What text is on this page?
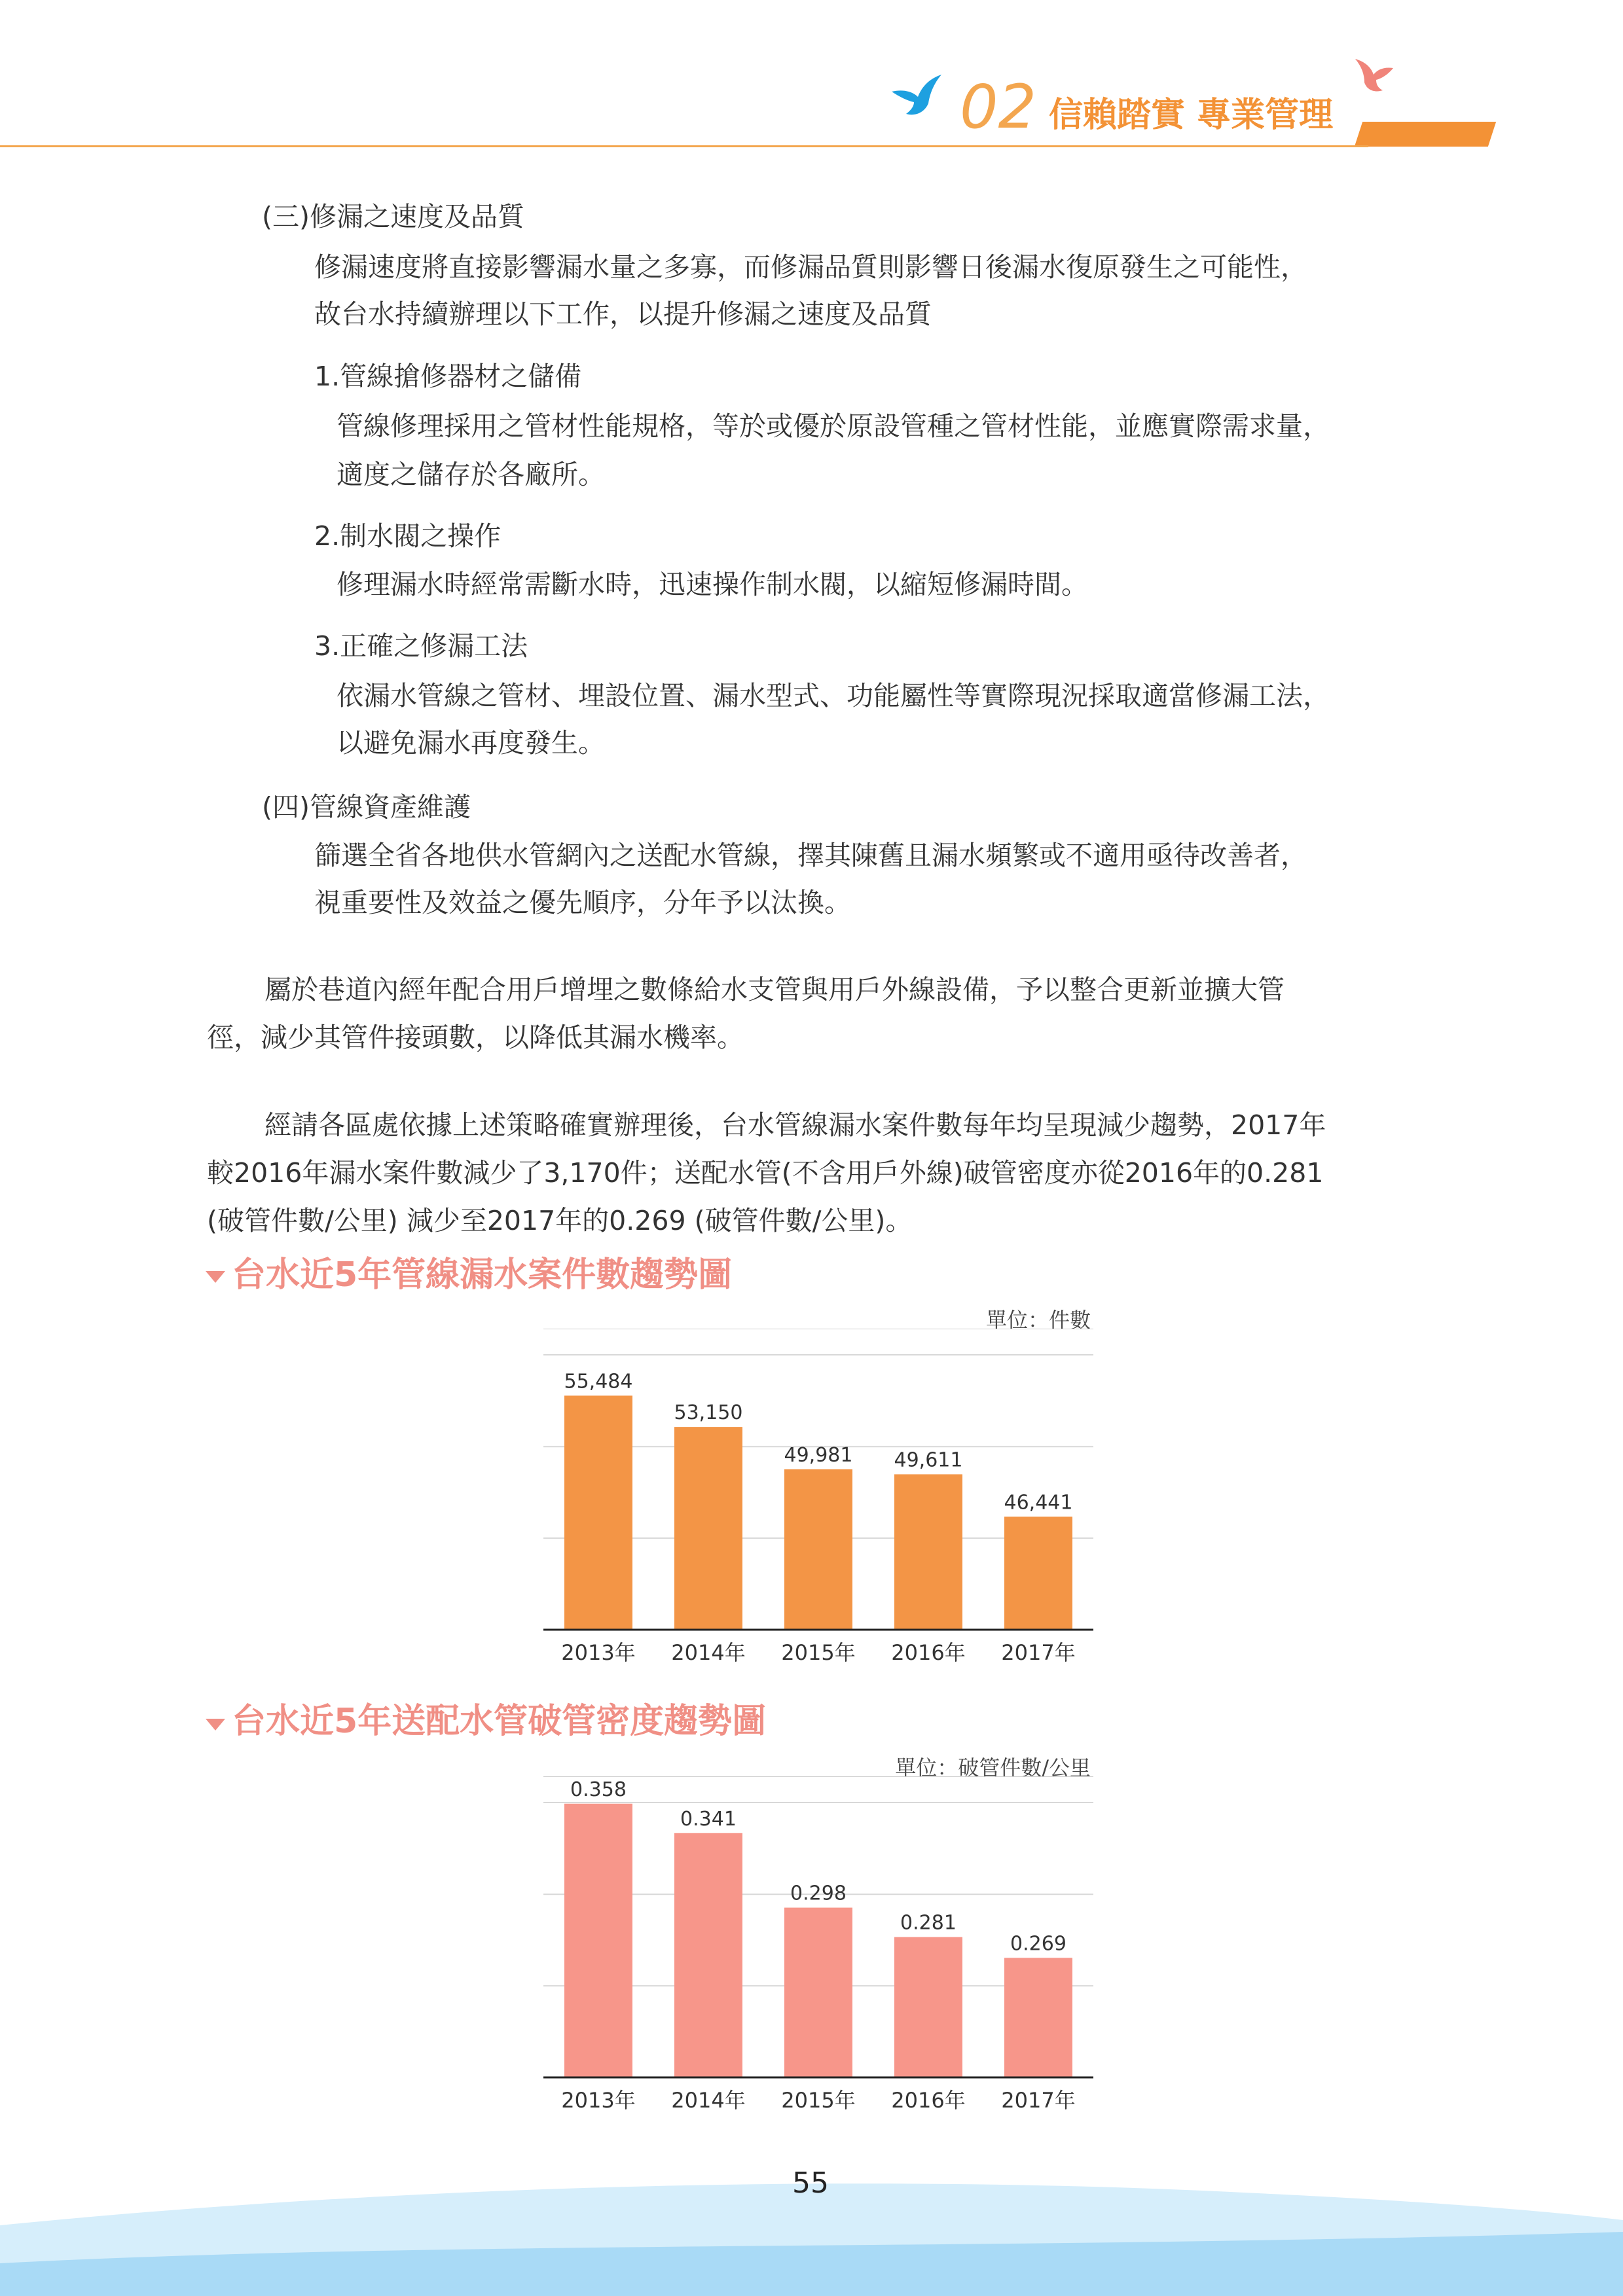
02 信賴踏實 專業管理
(三)修漏之速度及品質
修漏速度將直接影響漏水量之多寡，而修漏品質則影響日後漏水復原發生之可能性，
故台水持續辦理以下工作，以提升修漏之速度及品質
1.管線搶修器材之儲備
管線修理採用之管材性能規格，等於或優於原設管種之管材性能，並應實際需求量，
適度之儲存於各廠所。
2.制水閥之操作
修理漏水時經常需斷水時，迅速操作制水閥，以縮短修漏時間。
3.正確之修漏工法
依漏水管線之管材、埋設位置、漏水型式、功能屬性等實際現況採取適當修漏工法，
以避免漏水再度發生。
(四)管線資產維護
篩選全省各地供水管網內之送配水管線，擇其陳舊且漏水頻繁或不適用亟待改善者，
視重要性及效益之優先順序，分年予以汰換。
屬於巷道內經年配合用戶增埋之數條給水支管與用戶外線設備，予以整合更新並擴大管
徑，減少其管件接頭數，以降低其漏水機率。
經請各區處依據上述策略確實辦理後，台水管線漏水案件數每年均呈現減少趨勢，2017年
較2016年漏水案件數減少了3,170件；送配水管(不含用戶外線)破管密度亦從2016年的0.281
(破管件數/公里) 減少至2017年的0.269 (破管件數/公里)。
台水近5年管線漏水案件數趨勢圖
單位：件數
55,484
2013年
53,150
2014年
49,981
2015年
49,611
2016年
46,441
2017年
台水近5年送配水管破管密度趨勢圖
單位：破管件數/公里
0.358
2013年
0.341
2014年
0.298
2015年
0.281
2016年
0.269
2017年
55
